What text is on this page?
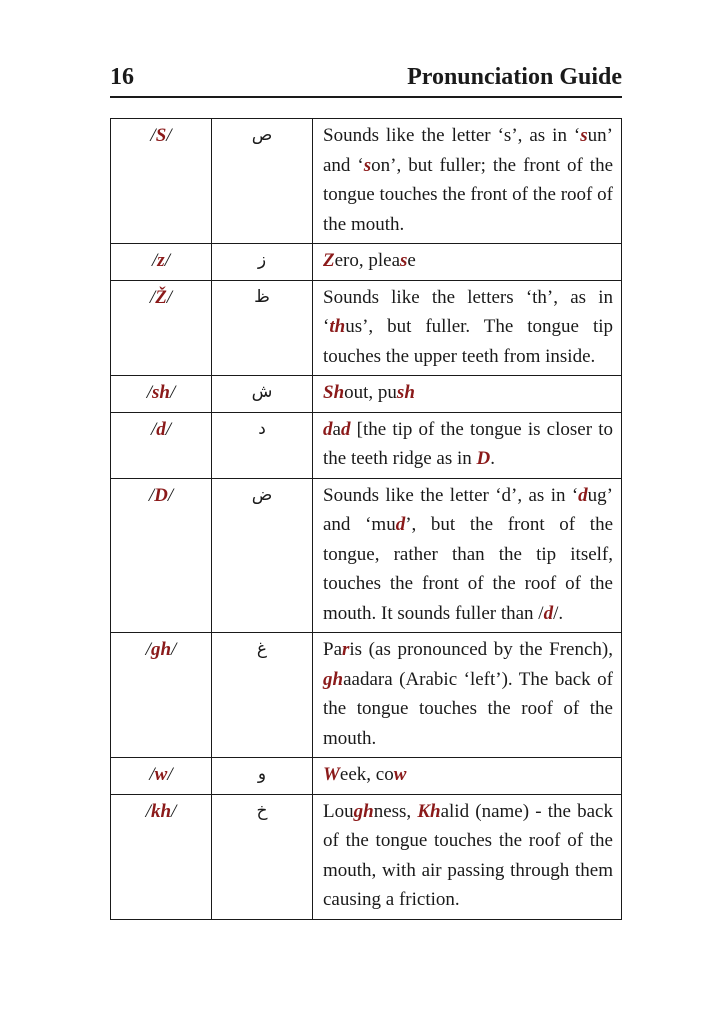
16	Pronunciation Guide
/S/	ص	Sounds like the letter ‘s’, as in ‘sun’ and ‘son’, but fuller; the front of the tongue touches the front of the roof of the mouth.
/z/	ز	Zero, please
/Ž/	ظ	Sounds like the letters ‘th’, as in ‘thus’, but fuller. The tongue tip touches the upper teeth from inside.
/sh/	ش	Shout, push
/d/	د	dad [the tip of the tongue is closer to the teeth ridge as in D.
/D/	ض	Sounds like the letter ‘d’, as in ‘dug’ and ‘mud’, but the front of the tongue, rather than the tip itself, touches the front of the roof of the mouth. It sounds fuller than /d/.
/gh/	غ	Paris (as pronounced by the French), ghaadara (Arabic ‘left’). The back of the tongue touches the roof of the mouth.
/w/	و	Week, cow
/kh/	خ	Loughness, Khalid (name) - the back of the tongue touches the roof of the mouth, with air passing through them causing a friction.
